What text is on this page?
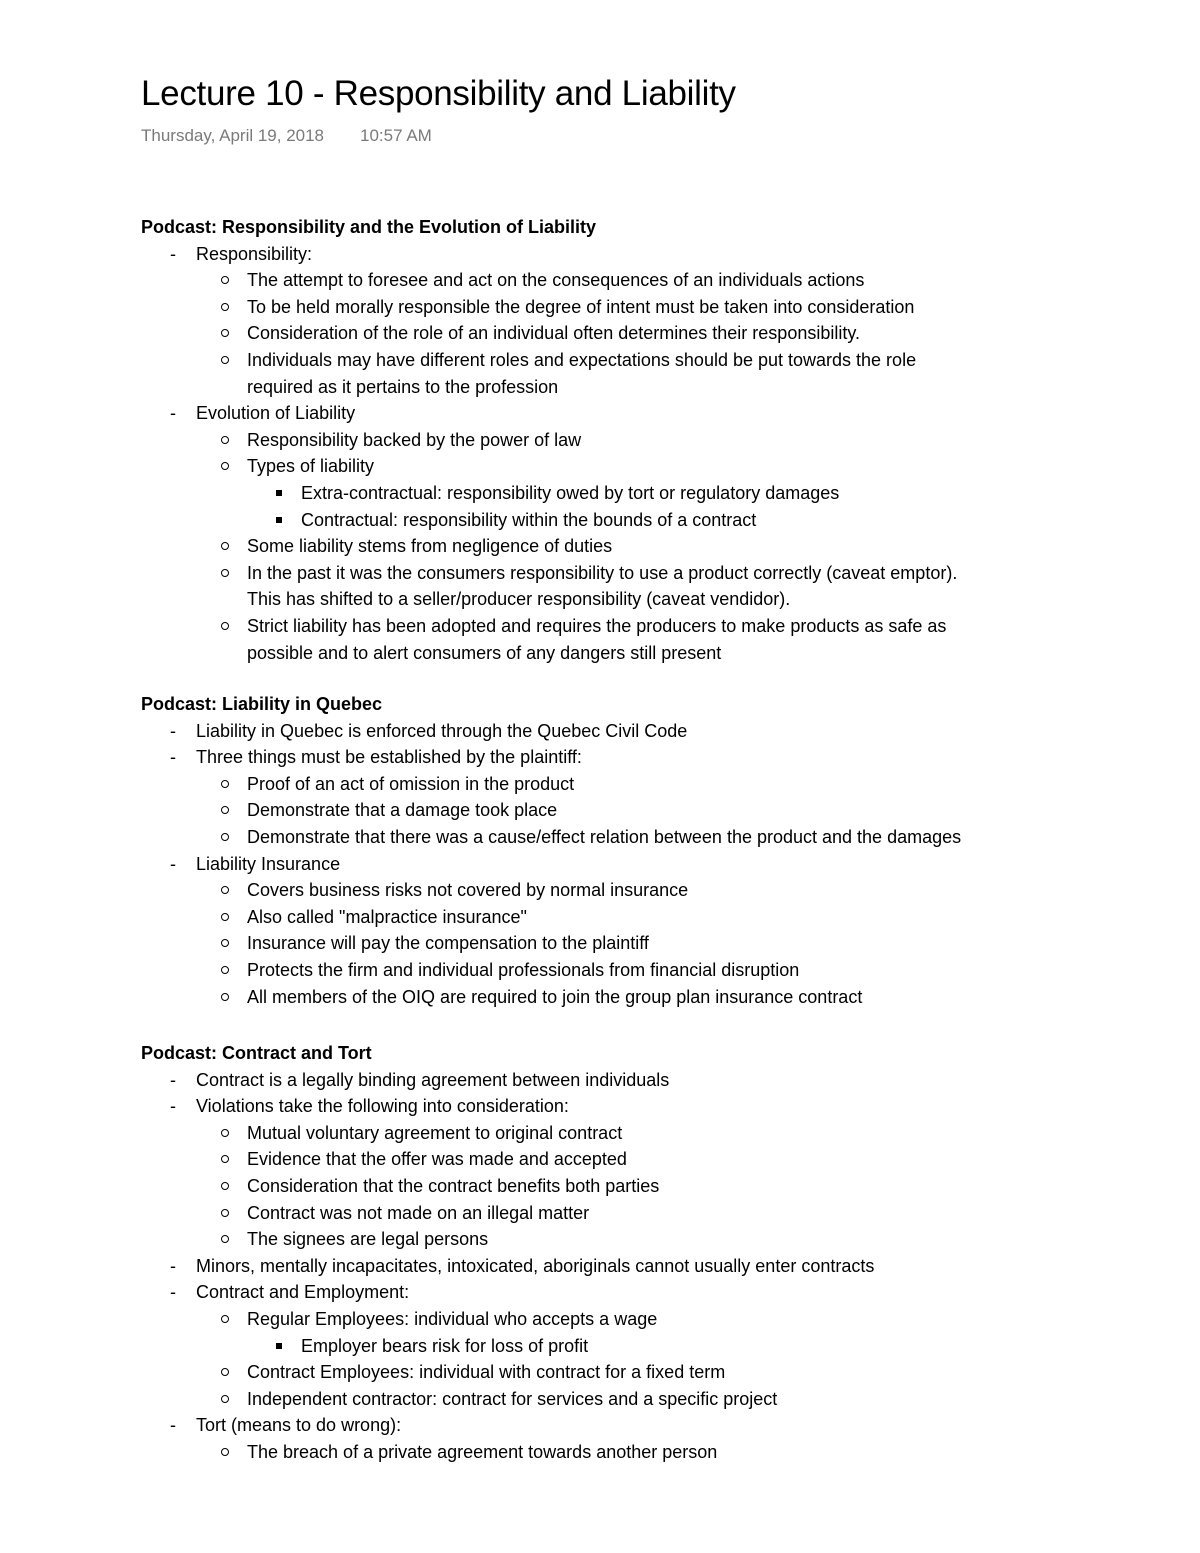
Lecture 10 - Responsibility and Liability
Thursday, April 19, 2018 10:57 AM
Podcast: Responsibility and the Evolution of Liability
- Responsibility:
The attempt to foresee and act on the consequences of an individuals actions
To be held morally responsible the degree of intent must be taken into consideration
Consideration of the role of an individual often determines their responsibility.
Individuals may have different roles and expectations should be put towards the role
required as it pertains to the profession
- Evolution of Liability
Responsibility backed by the power of law
Types of liability
Extra-contractual: responsibility owed by tort or regulatory damages
Contractual: responsibility within the bounds of a contract
Some liability stems from negligence of duties
In the past it was the consumers responsibility to use a product correctly (caveat emptor).
This has shifted to a seller/producer responsibility (caveat vendidor).
Strict liability has been adopted and requires the producers to make products as safe as
possible and to alert consumers of any dangers still present
Podcast: Liability in Quebec
- Liability in Quebec is enforced through the Quebec Civil Code
- Three things must be established by the plaintiff:
Proof of an act of omission in the product
Demonstrate that a damage took place
Demonstrate that there was a cause/effect relation between the product and the damages
- Liability Insurance
Covers business risks not covered by normal insurance
Also called "malpractice insurance"
Insurance will pay the compensation to the plaintiff
Protects the firm and individual professionals from financial disruption
All members of the OIQ are required to join the group plan insurance contract
Podcast: Contract and Tort
- Contract is a legally binding agreement between individuals
- Violations take the following into consideration:
Mutual voluntary agreement to original contract
Evidence that the offer was made and accepted
Consideration that the contract benefits both parties
Contract was not made on an illegal matter
The signees are legal persons
- Minors, mentally incapacitates, intoxicated, aboriginals cannot usually enter contracts
- Contract and Employment:
Regular Employees: individual who accepts a wage
Employer bears risk for loss of profit
Contract Employees: individual with contract for a fixed term
Independent contractor: contract for services and a specific project
- Tort (means to do wrong):
The breach of a private agreement towards another person
